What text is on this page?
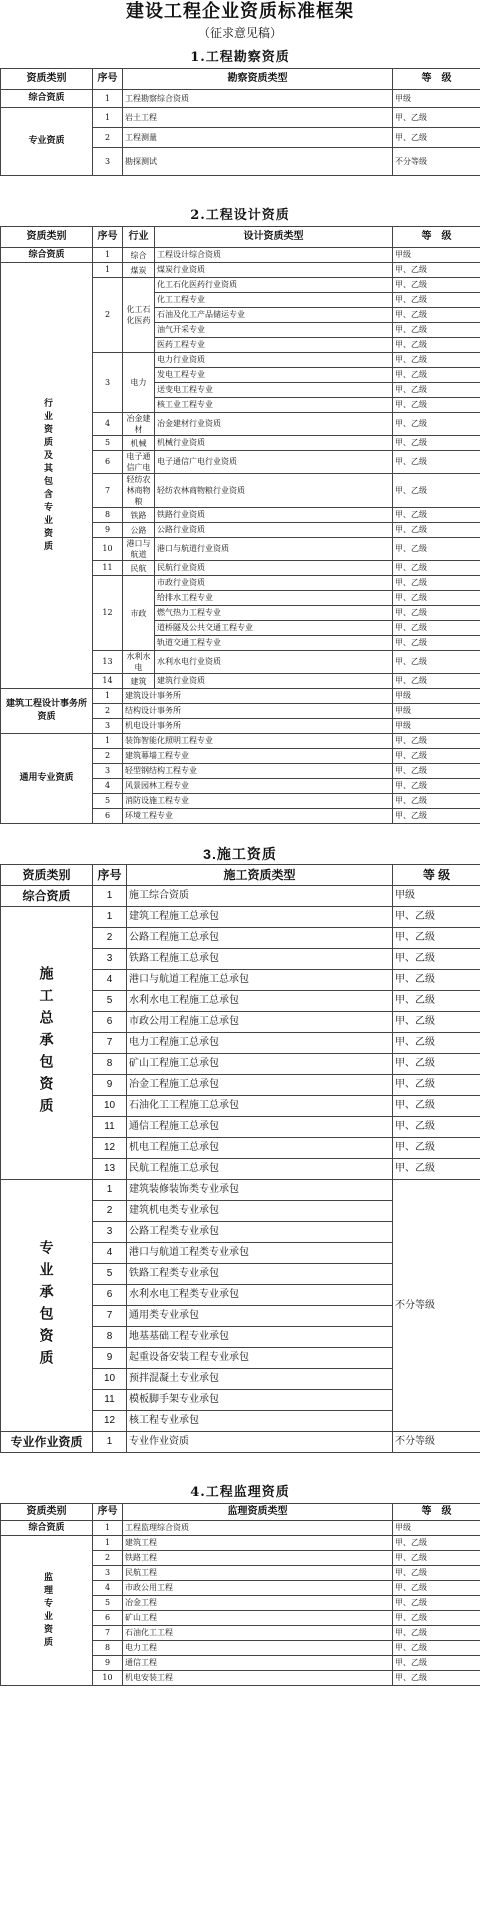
建设工程企业资质标准框架
（征求意见稿）
1.工程勘察资质
资质类别	序号	勘察资质类型	等　级
综合资质	1	工程勘察综合资质	甲级
专业资质	1	岩土工程	甲、乙级
	2	工程测量	甲、乙级
	3	勘探测试	不分等级
2.工程设计资质
资质类别	序号	行业	设计资质类型	等　级
综合资质	1	综合	工程设计综合资质	甲级
行业资质及其包含专业资质	1	煤炭	煤炭行业资质	甲、乙级
	2	化工石化医药	化工石化医药行业资质	甲、乙级
			化工工程专业	甲、乙级
			石油及化工产品储运专业	甲、乙级
			油气开采专业	甲、乙级
			医药工程专业	甲、乙级
	3	电力	电力行业资质	甲、乙级
			发电工程专业	甲、乙级
			送变电工程专业	甲、乙级
			核工业工程专业	甲、乙级
	4	冶金建材	冶金建材行业资质	甲、乙级
	5	机械	机械行业资质	甲、乙级
	6	电子通信广电	电子通信广电行业资质	甲、乙级
	7	轻纺农林商物粮	轻纺农林商物粮行业资质	甲、乙级
	8	铁路	铁路行业资质	甲、乙级
	9	公路	公路行业资质	甲、乙级
	10	港口与航道	港口与航道行业资质	甲、乙级
	11	民航	民航行业资质	甲、乙级
	12	市政	市政行业资质	甲、乙级
			给排水工程专业	甲、乙级
			燃气热力工程专业	甲、乙级
			道桥隧及公共交通工程专业	甲、乙级
			轨道交通工程专业	甲、乙级
	13	水利水电	水利水电行业资质	甲、乙级
	14	建筑	建筑行业资质	甲、乙级
建筑工程设计事务所资质	1	建筑设计事务所		甲级
	2	结构设计事务所		甲级
	3	机电设计事务所		甲级
通用专业资质	1	装饰智能化照明工程专业		甲、乙级
	2	建筑幕墙工程专业		甲、乙级
	3	轻型钢结构工程专业		甲、乙级
	4	风景园林工程专业		甲、乙级
	5	消防设施工程专业		甲、乙级
	6	环境工程专业		甲、乙级
3.施工资质
资质类别	序号	施工资质类型	等 级
综合资质	1	施工综合资质	甲级
施工总承包资质	1	建筑工程施工总承包	甲、乙级
	2	公路工程施工总承包	甲、乙级
	3	铁路工程施工总承包	甲、乙级
	4	港口与航道工程施工总承包	甲、乙级
	5	水利水电工程施工总承包	甲、乙级
	6	市政公用工程施工总承包	甲、乙级
	7	电力工程施工总承包	甲、乙级
	8	矿山工程施工总承包	甲、乙级
	9	冶金工程施工总承包	甲、乙级
	10	石油化工工程施工总承包	甲、乙级
	11	通信工程施工总承包	甲、乙级
	12	机电工程施工总承包	甲、乙级
	13	民航工程施工总承包	甲、乙级
专业承包资质	1	建筑装修装饰类专业承包	不分等级
	2	建筑机电类专业承包	
	3	公路工程类专业承包	
	4	港口与航道工程类专业承包	
	5	铁路工程类专业承包	
	6	水利水电工程类专业承包	
	7	通用类专业承包	
	8	地基基础工程专业承包	
	9	起重设备安装工程专业承包	
	10	预拌混凝土专业承包	
	11	模板脚手架专业承包	
	12	核工程专业承包	
专业作业资质	1	专业作业资质	不分等级
4.工程监理资质
资质类别	序号	监理资质类型	等　级
综合资质	1	工程监理综合资质	甲级
监理专业资质	1	建筑工程	甲、乙级
	2	铁路工程	甲、乙级
	3	民航工程	甲、乙级
	4	市政公用工程	甲、乙级
	5	冶金工程	甲、乙级
	6	矿山工程	甲、乙级
	7	石油化工工程	甲、乙级
	8	电力工程	甲、乙级
	9	通信工程	甲、乙级
	10	机电安装工程	甲、乙级
